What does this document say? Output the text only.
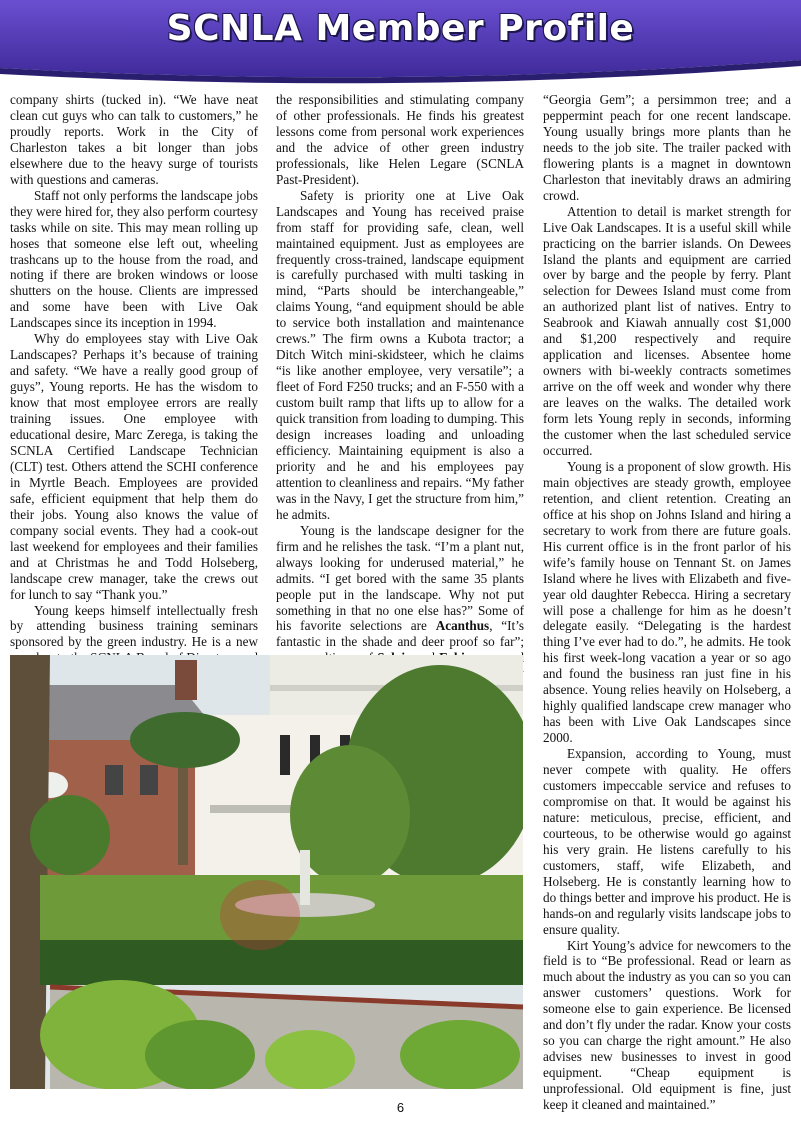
SCNLA Member Profile

company shirts (tucked in). “We have neat clean cut guys who can talk to customers,” he proudly reports. Work in the City of Charleston takes a bit longer than jobs elsewhere due to the heavy surge of tourists with questions and cameras.

Staff not only performs the landscape jobs they were hired for, they also perform courtesy tasks while on site. This may mean rolling up hoses that someone else left out, wheeling trashcans up to the house from the road, and noting if there are broken windows or loose shutters on the house. Clients are impressed and some have been with Live Oak Landscapes since its inception in 1994.

Why do employees stay with Live Oak Landscapes? Perhaps it’s because of training and safety. “We have a really good group of guys”, Young reports. He has the wisdom to know that most employee errors are really training issues. One employee with educational desire, Marc Zerega, is taking the SCNLA Certified Landscape Technician (CLT) test. Others attend the SCHI conference in Myrtle Beach. Employees are provided safe, efficient equipment that help them do their jobs. Young also knows the value of company social events. They had a cook-out last weekend for employees and their families and at Christmas he and Todd Holseberg, landscape crew manager, take the crews out for lunch to say “Thank you.”

Young keeps himself intellectually fresh by attending business training seminars sponsored by the green industry. He is a new

the responsibilities and stimulating company of other professionals. He finds his greatest lessons come from personal work experiences and the advice of other green industry professionals, like Helen Legare (SCNLA Past-President).

Safety is priority one at Live Oak Landscapes and Young has received praise from staff for providing safe, clean, well maintained equipment. Just as employees are frequently cross-trained, landscape equipment is carefully purchased with multi tasking in mind, “Parts should be interchangeable,” claims Young, “and equipment should be able to service both installation and maintenance crews.” The firm owns a Kubota tractor; a Ditch Witch mini-skidsteer, which he claims “is like another employee, very versatile”; a fleet of Ford F250 trucks; and an F-550 with a custom built ramp that lifts up to allow for a quick transition from loading to dumping. This design increases loading and unloading efficiency. Maintaining equipment is also a priority and he and his employees pay attention to cleanliness and repairs. “My father was in the Navy, I get the structure from him,” he admits.

Young is the landscape designer for the firm and he relishes the task. “I’m a plant nut, always looking for underused material,” he admits. “I get bored with the same 35 plants people put in the landscape. Why not put something in that no one else has?” Some of his favorite selections are Acanthus, “It’s fantastic in the shade and deer proof so far”;

“Georgia Gem”; a persimmon tree; and a peppermint peach for one recent landscape. Young usually brings more plants than he needs to the job site. The trailer packed with flowering plants is a magnet in downtown Charleston that inevitably draws an admiring crowd.

Attention to detail is market strength for Live Oak Landscapes. It is a useful skill while practicing on the barrier islands. On Dewees Island the plants and equipment are carried over by barge and the people by ferry. Plant selection for Dewees Island must come from an authorized plant list of natives. Entry to Seabrook and Kiawah annually cost $1,000 and $1,200 respectively and require application and licenses. Absentee home owners with bi-weekly contracts sometimes arrive on the off week and wonder why there are leaves on the walks. The detailed work form lets Young reply in seconds, informing the customer when the last scheduled service occurred.

Young is a proponent of slow growth. His main objectives are steady growth, employee retention, and client retention. Creating an office at his shop on Johns Island and hiring a secretary to work from there are future goals. His current office is in the front parlor of his wife’s family house on Tennant St. on James Island where he lives with Elizabeth and five-year old daughter Rebecca. Hiring a secretary will pose a challenge for him as he doesn’t delegate easily. “Delegating is the hardest thing I’ve ever had to do.”, he admits. He took his first week-long vacation a year or so ago and found the business ran just fine in his absence. Young relies heavily on Holseberg, a highly qualified landscape crew manager who has been with Live Oak Landscapes since 2000.

Expansion, according to Young, must never compete with quality. He offers customers impeccable service and refuses to compromise on that. It would be against his nature: meticulous, precise, efficient, and courteous, to be otherwise would go against his very grain. He listens carefully to his customers, staff, wife Elizabeth, and Holseberg. He is constantly learning how to do things better and improve his product. He is hands-on and regularly visits landscape jobs to ensure quality.

Kirt Young’s advice for newcomers to the field is to “Be professional. Read or learn as much about the industry as you can so you can answer customers’ questions. Work for someone else to gain experience. Be licensed and don’t fly under the radar. Know your costs so you can charge the right amount.” He also advises new businesses to invest in good equipment. “Cheap equipment is unprofessional. Old equipment is fine, just keep it cleaned and maintained.”

6
